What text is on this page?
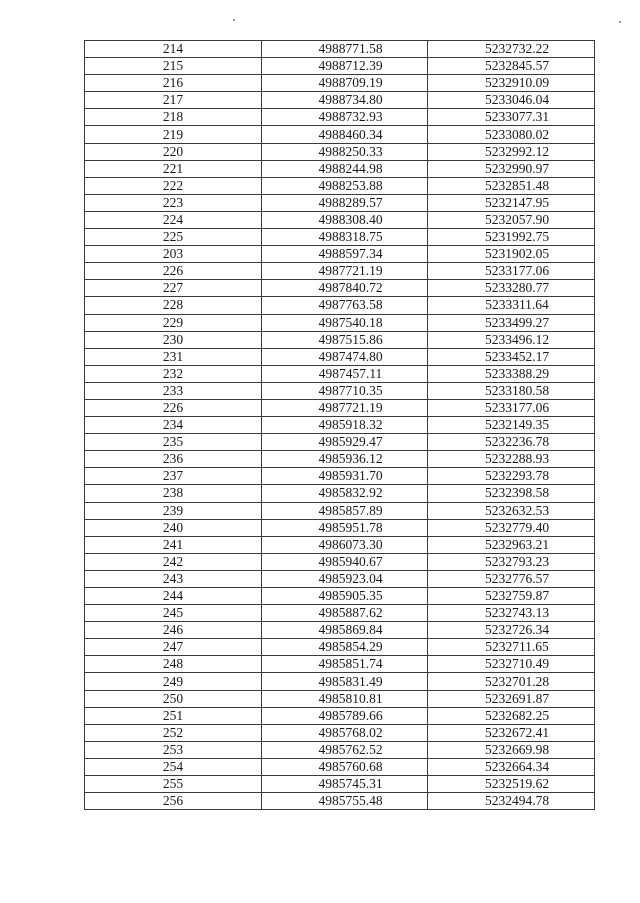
214	4988771.58	5232732.22
215	4988712.39	5232845.57
216	4988709.19	5232910.09
217	4988734.80	5233046.04
218	4988732.93	5233077.31
219	4988460.34	5233080.02
220	4988250.33	5232992.12
221	4988244.98	5232990.97
222	4988253.88	5232851.48
223	4988289.57	5232147.95
224	4988308.40	5232057.90
225	4988318.75	5231992.75
203	4988597.34	5231902.05
226	4987721.19	5233177.06
227	4987840.72	5233280.77
228	4987763.58	5233311.64
229	4987540.18	5233499.27
230	4987515.86	5233496.12
231	4987474.80	5233452.17
232	4987457.11	5233388.29
233	4987710.35	5233180.58
226	4987721.19	5233177.06
234	4985918.32	5232149.35
235	4985929.47	5232236.78
236	4985936.12	5232288.93
237	4985931.70	5232293.78
238	4985832.92	5232398.58
239	4985857.89	5232632.53
240	4985951.78	5232779.40
241	4986073.30	5232963.21
242	4985940.67	5232793.23
243	4985923.04	5232776.57
244	4985905.35	5232759.87
245	4985887.62	5232743.13
246	4985869.84	5232726.34
247	4985854.29	5232711.65
248	4985851.74	5232710.49
249	4985831.49	5232701.28
250	4985810.81	5232691.87
251	4985789.66	5232682.25
252	4985768.02	5232672.41
253	4985762.52	5232669.98
254	4985760.68	5232664.34
255	4985745.31	5232519.62
256	4985755.48	5232494.78
